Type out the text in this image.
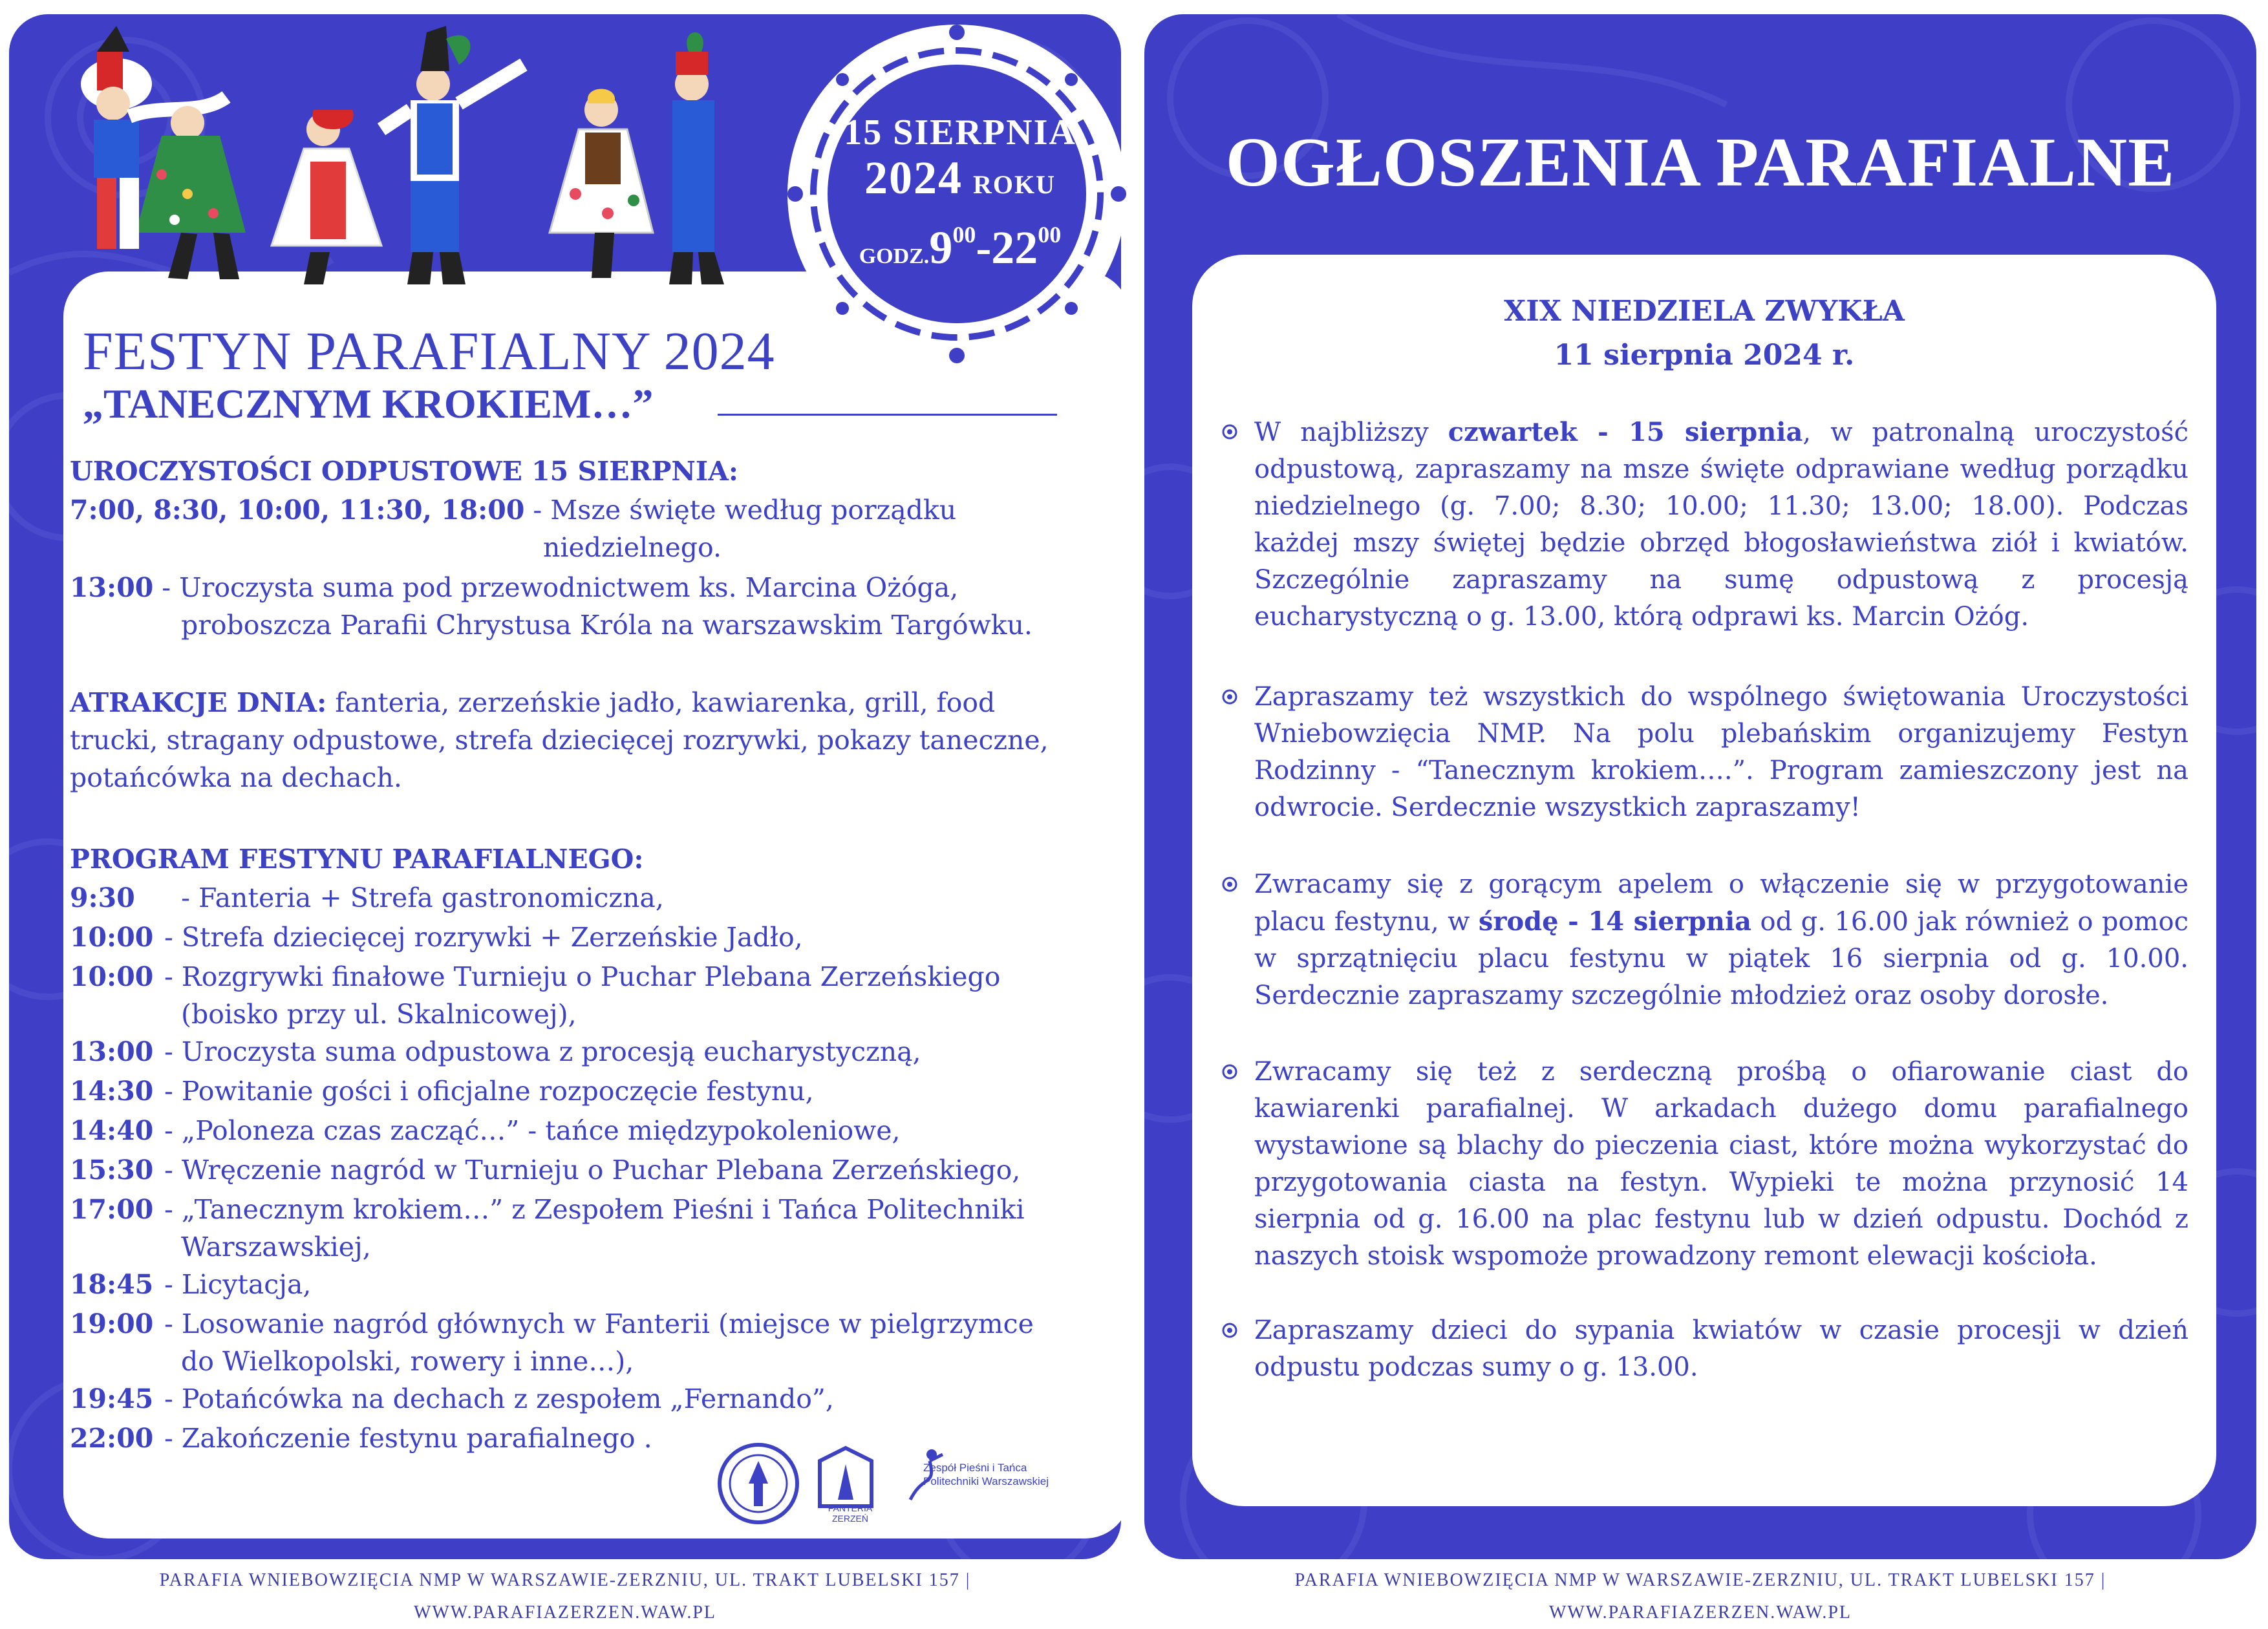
15 SIERPNIA
2024 ROKU
$GODZ.9^{00}-22^{00}$
FESTYN PARAFIALNY 2024
„TANECZNYM KROKIEM…”
UROCZYSTOŚCI ODPUSTOWE 15 SIERPNIA:
7:00, 8:30, 10:00, 11:30, 18:00 - Msze święte według porządku
niedzielnego.
13:00 - Uroczysta suma pod przewodnictwem ks. Marcina Ożóga,
proboszcza Parafii Chrystusa Króla na warszawskim Targówku.
ATRAKCJE DNIA: fanteria, zerzeńskie jadło, kawiarenka, grill, food trucki, stragany odpustowe, strefa dziecięcej rozrywki, pokazy taneczne, potańcówka na dechach.
PROGRAM FESTYNU PARAFIALNEGO:
9:30  - Fanteria + Strefa gastronomiczna,
10:00 - Strefa dziecięcej rozrywki + Zerzeńskie Jadło,
10:00 - Rozgrywki finałowe Turnieju o Puchar Plebana Zerzeńskiego
(boisko przy ul. Skalnicowej),
13:00 - Uroczysta suma odpustowa z procesją eucharystyczną,
14:30 - Powitanie gości i oficjalne rozpoczęcie festynu,
14:40 - „Poloneza czas zacząć…” - tańce międzypokoleniowe,
15:30 - Wręczenie nagród w Turnieju o Puchar Plebana Zerzeńskiego,
17:00 - „Tanecznym krokiem…” z Zespołem Pieśni i Tańca Politechniki
Warszawskiej,
18:45 - Licytacja,
19:00 - Losowanie nagród głównych w Fanterii (miejsce w pielgrzymce
do Wielkopolski, rowery i inne…),
19:45 - Potańcówka na dechach z zespołem „Fernando”,
22:00 - Zakończenie festynu parafialnego .
FANTERIA
ZERZEŃ
Zespół Pieśni i Tańca
Politechniki Warszawskiej
PARAFIA WNIEBOWZIĘCIA NMP W WARSZAWIE-ZERZNIU, UL. TRAKT LUBELSKI 157 | WWW.PARAFIAZERZEN.WAW.PL
OGŁOSZENIA PARAFIALNE
XIX NIEDZIELA ZWYKŁA
11 sierpnia 2024 r.
W najbliższy czwartek - 15 sierpnia, w patronalną uroczystość odpustową, zapraszamy na msze święte odprawiane według porządku niedzielnego (g. 7.00; 8.30; 10.00; 11.30; 13.00; 18.00). Podczas każdej mszy świętej będzie obrzęd błogosławieństwa ziół i kwiatów. Szczególnie zapraszamy na sumę odpustową z procesją eucharystyczną o g. 13.00, którą odprawi ks. Marcin Ożóg.
Zapraszamy też wszystkich do wspólnego świętowania Uroczystości Wniebowzięcia NMP. Na polu plebańskim organizujemy Festyn Rodzinny - “Tanecznym krokiem….”. Program zamieszczony jest na odwrocie. Serdecznie wszystkich zapraszamy!
Zwracamy się z gorącym apelem o włączenie się w przygotowanie placu festynu, w środę - 14 sierpnia od g. 16.00 jak również o pomoc w sprzątnięciu placu festynu w piątek 16 sierpnia od g. 10.00. Serdecznie zapraszamy szczególnie młodzież oraz osoby dorosłe.
Zwracamy się też z serdeczną prośbą o ofiarowanie ciast do kawiarenki parafialnej. W arkadach dużego domu parafialnego wystawione są blachy do pieczenia ciast, które można wykorzystać do przygotowania ciasta na festyn. Wypieki te można przynosić 14 sierpnia od g. 16.00 na plac festynu lub w dzień odpustu. Dochód z naszych stoisk wspomoże prowadzony remont elewacji kościoła.
Zapraszamy dzieci do sypania kwiatów w czasie procesji w dzień odpustu podczas sumy o g. 13.00.
PARAFIA WNIEBOWZIĘCIA NMP W WARSZAWIE-ZERZNIU, UL. TRAKT LUBELSKI 157 | WWW.PARAFIAZERZEN.WAW.PL
